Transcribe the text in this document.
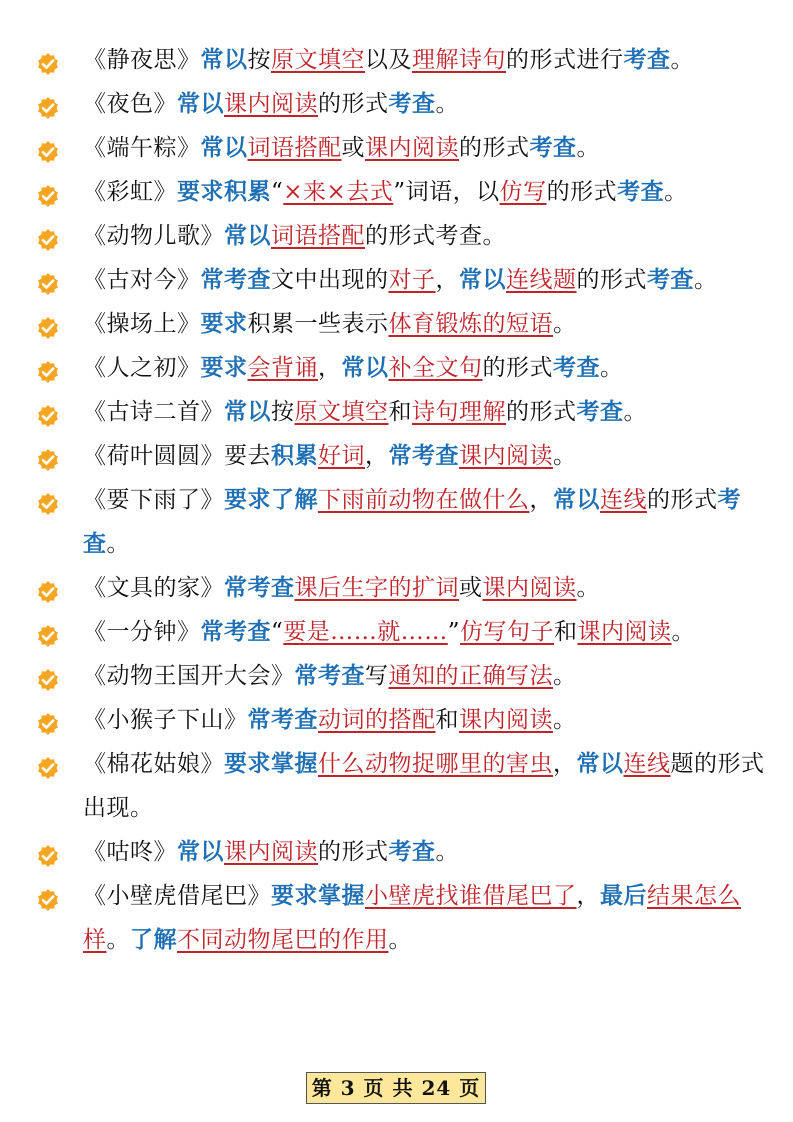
《静夜思》常以按原文填空以及理解诗句的形式进行考查。
《夜色》常以课内阅读的形式考查。
《端午粽》常以词语搭配或课内阅读的形式考查。
《彩虹》要求积累“×来×去式”词语，以仿写的形式考查。
《动物儿歌》常以词语搭配的形式考查。
《古对今》常考查文中出现的对子，常以连线题的形式考查。
《操场上》要求积累一些表示体育锻炼的短语。
《人之初》要求会背诵，常以补全文句的形式考查。
《古诗二首》常以按原文填空和诗句理解的形式考查。
《荷叶圆圆》要去积累好词，常考查课内阅读。
《要下雨了》要求了解下雨前动物在做什么，常以连线的形式考查。
《文具的家》常考查课后生字的扩词或课内阅读。
《一分钟》常考查“要是……就……”仿写句子和课内阅读。
《动物王国开大会》常考查写通知的正确写法。
《小猴子下山》常考查动词的搭配和课内阅读。
《棉花姑娘》要求掌握什么动物捉哪里的害虫，常以连线题的形式出现。
《咕咚》常以课内阅读的形式考查。
《小壁虎借尾巴》要求掌握小壁虎找谁借尾巴了，最后结果怎么样。了解不同动物尾巴的作用。
第 3 页 共 24 页
